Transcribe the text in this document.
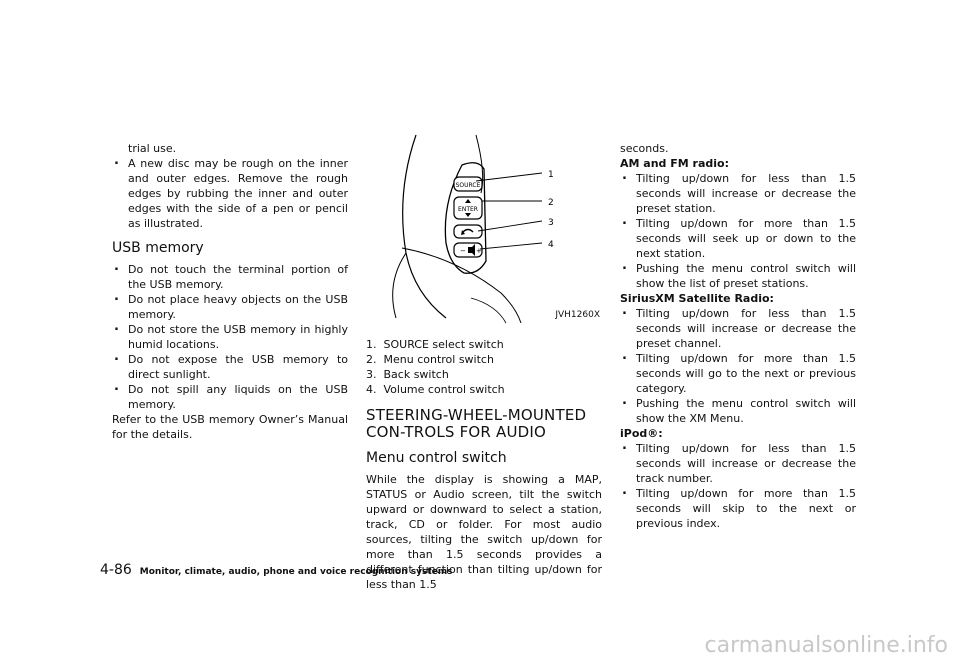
trial use.

. A new disc may be rough on the inner and outer edges. Remove the rough edges by rubbing the inner and outer edges with the side of a pen or pencil as illustrated.

USB memory

. Do not touch the terminal portion of the USB memory.

. Do not place heavy objects on the USB memory.

. Do not store the USB memory in highly humid locations.

. Do not expose the USB memory to direct sunlight.

. Do not spill any liquids on the USB memory.

Refer to the USB memory Owner’s Manual for the details.

SOURCE
ENTER
− +
1
2
3
4
JVH1260X
1.
SOURCE select switch
2.
Menu control switch
3.
Back switch
4.
Volume control switch
STEERING-WHEEL-MOUNTED CON-TROLS FOR AUDIO
Menu control switch

While the display is showing a MAP, STATUS or Audio screen, tilt the switch upward or downward to select a station, track, CD or folder. For most audio sources, tilting the switch up/down for more than 1.5 seconds provides a different function than tilting up/down for less than 1.5

seconds.

AM and FM radio:

. Tilting up/down for less than 1.5 seconds will increase or decrease the preset station.

. Tilting up/down for more than 1.5 seconds will seek up or down to the next station.

. Pushing the menu control switch will show the list of preset stations.

SiriusXM Satellite Radio:

. Tilting up/down for less than 1.5 seconds will increase or decrease the preset channel.

. Tilting up/down for more than 1.5 seconds will go to the next or previous category.

. Pushing the menu control switch will show the XM Menu.

iPod®:

. Tilting up/down for less than 1.5 seconds will increase or decrease the track number.

. Tilting up/down for more than 1.5 seconds will skip to the next or previous index.

4-86 Monitor, climate, audio, phone and voice recognition systems
carmanualsonline.info
